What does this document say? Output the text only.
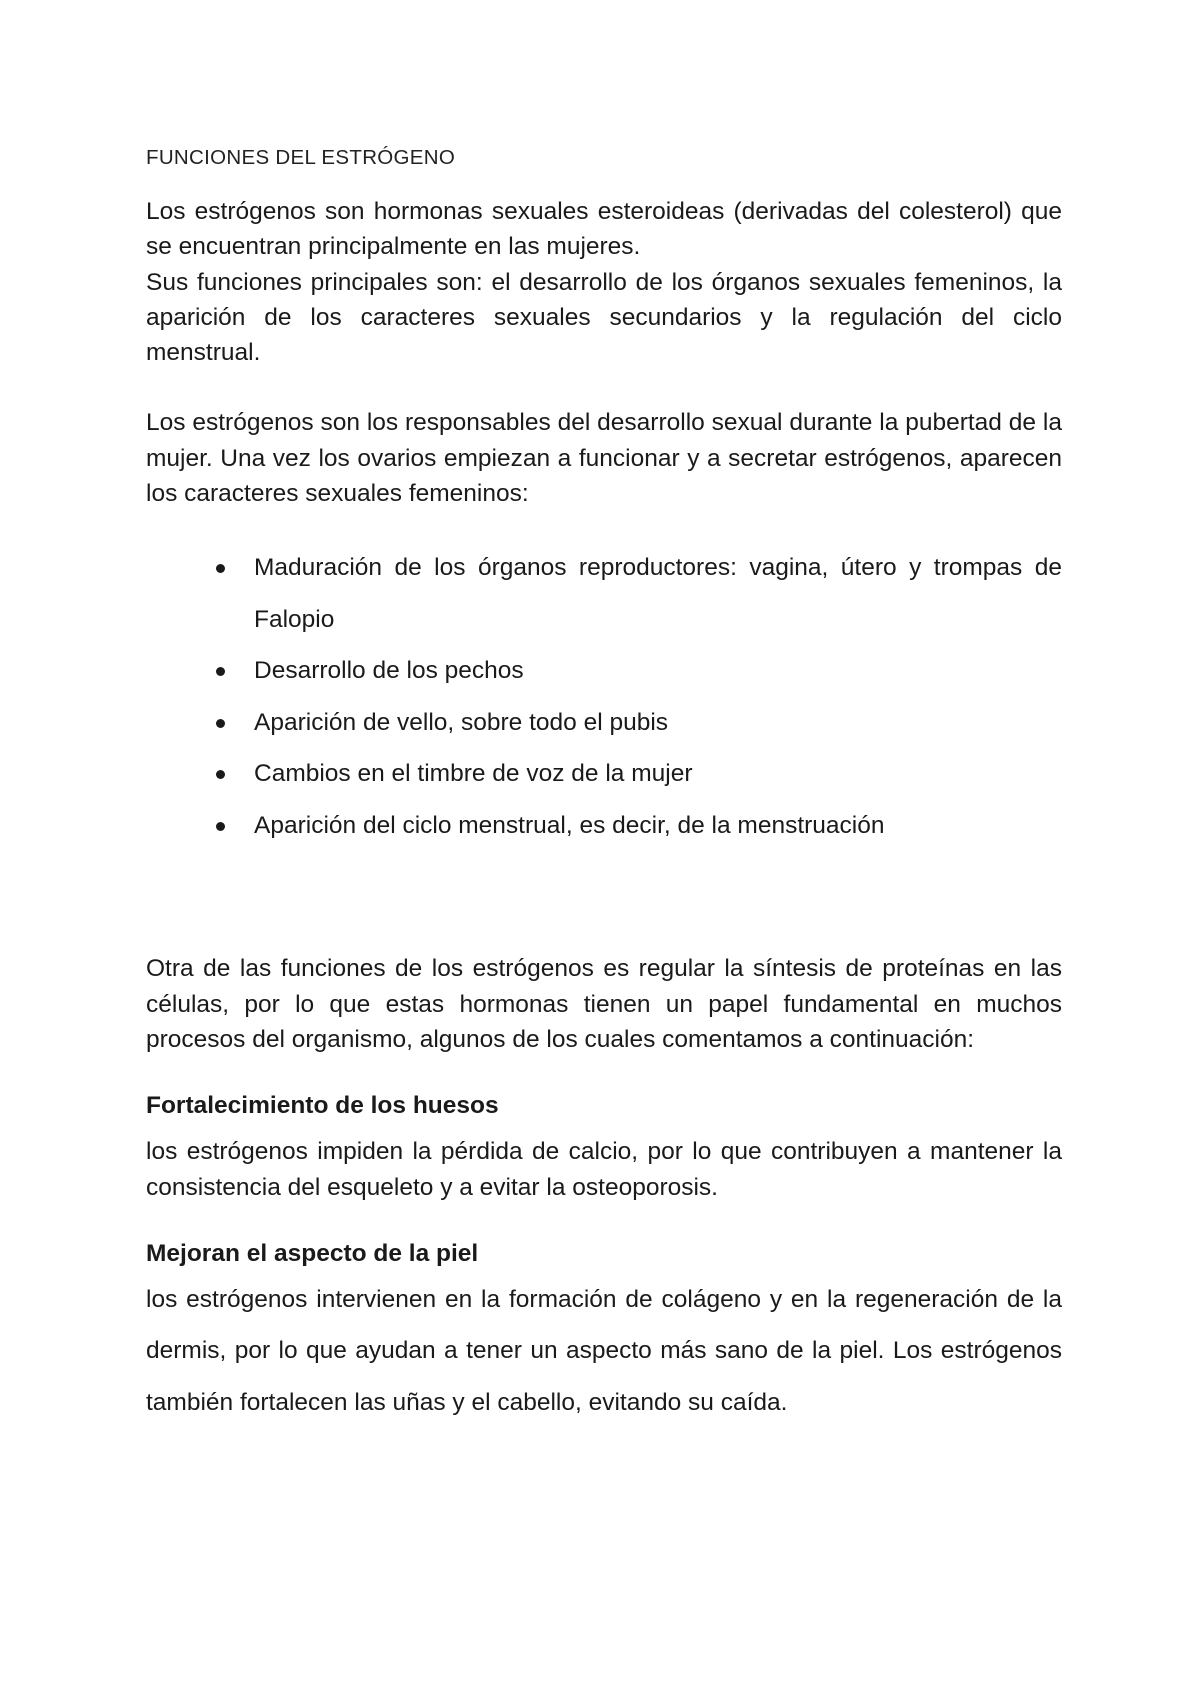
FUNCIONES DEL ESTRÓGENO

Los estrógenos son hormonas sexuales esteroideas (derivadas del colesterol) que se encuentran principalmente en las mujeres.

Sus funciones principales son: el desarrollo de los órganos sexuales femeninos, la aparición de los caracteres sexuales secundarios y la regulación del ciclo menstrual.

Los estrógenos son los responsables del desarrollo sexual durante la pubertad de la mujer. Una vez los ovarios empiezan a funcionar y a secretar estrógenos, aparecen los caracteres sexuales femeninos:

Maduración de los órganos reproductores: vagina, útero y trompas de Falopio
Desarrollo de los pechos
Aparición de vello, sobre todo el pubis
Cambios en el timbre de voz de la mujer
Aparición del ciclo menstrual, es decir, de la menstruación

Otra de las funciones de los estrógenos es regular la síntesis de proteínas en las células, por lo que estas hormonas tienen un papel fundamental en muchos procesos del organismo, algunos de los cuales comentamos a continuación:

Fortalecimiento de los huesos

los estrógenos impiden la pérdida de calcio, por lo que contribuyen a mantener la consistencia del esqueleto y a evitar la osteoporosis.

Mejoran el aspecto de la piel

los estrógenos intervienen en la formación de colágeno y en la regeneración de la dermis, por lo que ayudan a tener un aspecto más sano de la piel. Los estrógenos también fortalecen las uñas y el cabello, evitando su caída.
